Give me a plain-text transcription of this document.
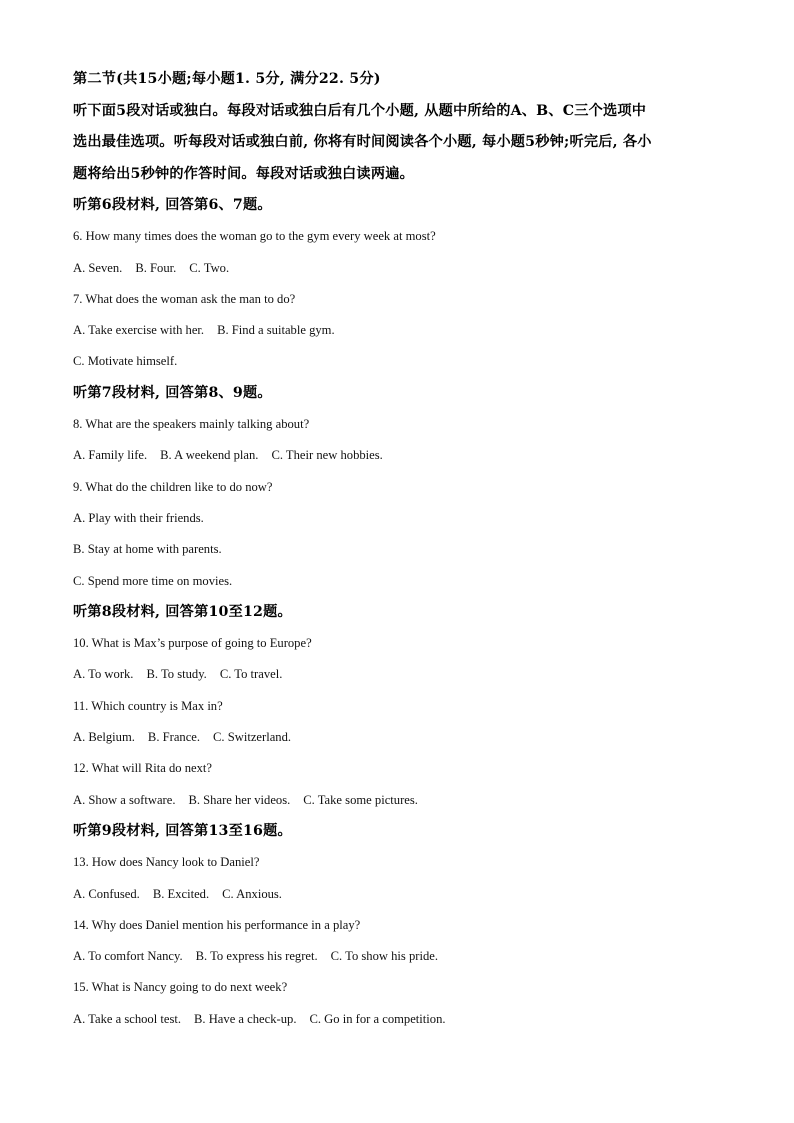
第二节(共15小题;每小题1. 5分, 满分22. 5分)
听下面5段对话或独白。每段对话或独白后有几个小题, 从题中所给的A、B、C三个选项中
选出最佳选项。听每段对话或独白前, 你将有时间阅读各个小题, 每小题5秒钟;听完后, 各小
题将给出5秒钟的作答时间。每段对话或独白读两遍。
听第6段材料, 回答第6、7题。
6. How many times does the woman go to the gym every week at most?
A. Seven. B. Four. C. Two.
7. What does the woman ask the man to do?
A. Take exercise with her. B. Find a suitable gym.
C. Motivate himself.
听第7段材料, 回答第8、9题。
8. What are the speakers mainly talking about?
A. Family life. B. A weekend plan. C. Their new hobbies.
9. What do the children like to do now?
A. Play with their friends.
B. Stay at home with parents.
C. Spend more time on movies.
听第8段材料, 回答第10至12题。
10. What is Max’s purpose of going to Europe?
A. To work. B. To study. C. To travel.
11. Which country is Max in?
A. Belgium. B. France. C. Switzerland.
12. What will Rita do next?
A. Show a software. B. Share her videos. C. Take some pictures.
听第9段材料, 回答第13至16题。
13. How does Nancy look to Daniel?
A. Confused. B. Excited. C. Anxious.
14. Why does Daniel mention his performance in a play?
A. To comfort Nancy. B. To express his regret. C. To show his pride.
15. What is Nancy going to do next week?
A. Take a school test. B. Have a check-up. C. Go in for a competition.
